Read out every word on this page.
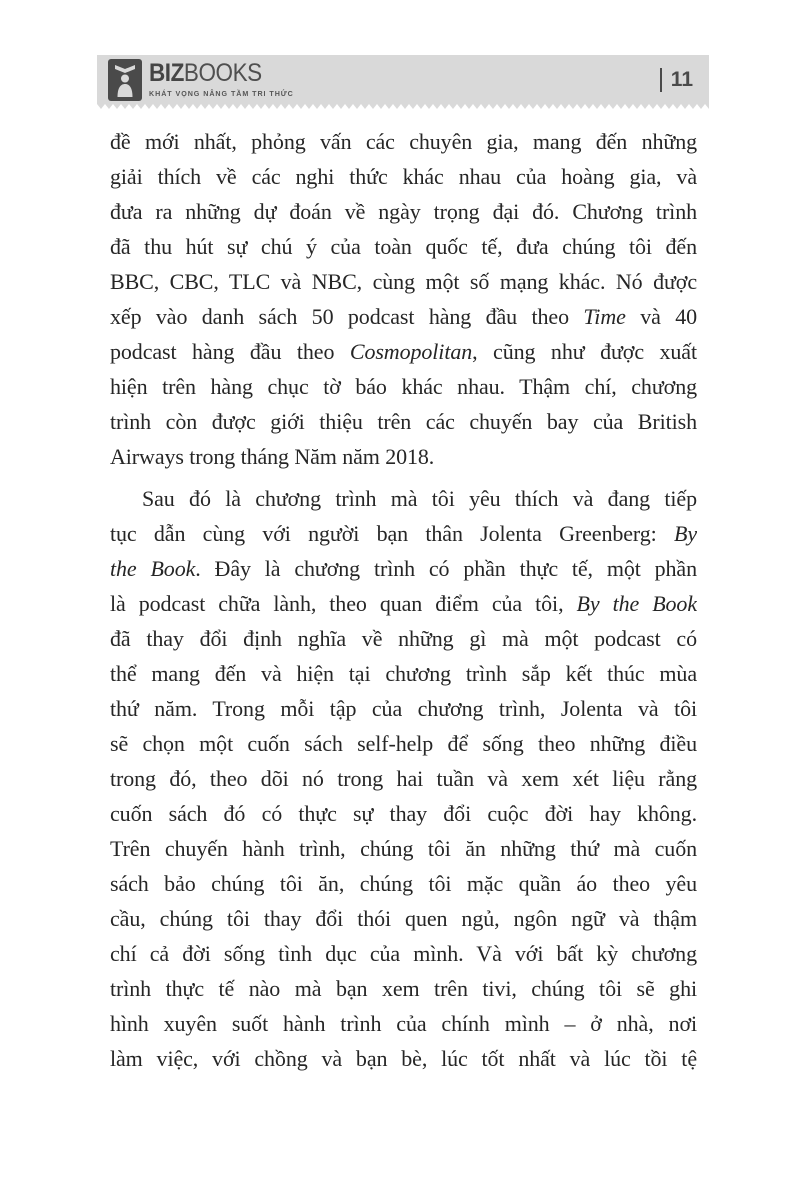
BIZBOOKS
KHÁT VỌNG NÂNG TẦM TRI THỨC
11
đề mới nhất, phỏng vấn các chuyên gia, mang đến những
giải thích về các nghi thức khác nhau của hoàng gia, và
đưa ra những dự đoán về ngày trọng đại đó. Chương trình
đã thu hút sự chú ý của toàn quốc tế, đưa chúng tôi đến
BBC, CBC, TLC và NBC, cùng một số mạng khác. Nó được
xếp vào danh sách 50 podcast hàng đầu theo Time và 40
podcast hàng đầu theo Cosmopolitan, cũng như được xuất
hiện trên hàng chục tờ báo khác nhau. Thậm chí, chương
trình còn được giới thiệu trên các chuyến bay của British
Airways trong tháng Năm năm 2018.
Sau đó là chương trình mà tôi yêu thích và đang tiếp
tục dẫn cùng với người bạn thân Jolenta Greenberg: By
the Book. Đây là chương trình có phần thực tế, một phần
là podcast chữa lành, theo quan điểm của tôi, By the Book
đã thay đổi định nghĩa về những gì mà một podcast có
thể mang đến và hiện tại chương trình sắp kết thúc mùa
thứ năm. Trong mỗi tập của chương trình, Jolenta và tôi
sẽ chọn một cuốn sách self-help để sống theo những điều
trong đó, theo dõi nó trong hai tuần và xem xét liệu rằng
cuốn sách đó có thực sự thay đổi cuộc đời hay không.
Trên chuyến hành trình, chúng tôi ăn những thứ mà cuốn
sách bảo chúng tôi ăn, chúng tôi mặc quần áo theo yêu
cầu, chúng tôi thay đổi thói quen ngủ, ngôn ngữ và thậm
chí cả đời sống tình dục của mình. Và với bất kỳ chương
trình thực tế nào mà bạn xem trên tivi, chúng tôi sẽ ghi
hình xuyên suốt hành trình của chính mình – ở nhà, nơi
làm việc, với chồng và bạn bè, lúc tốt nhất và lúc tồi tệ
